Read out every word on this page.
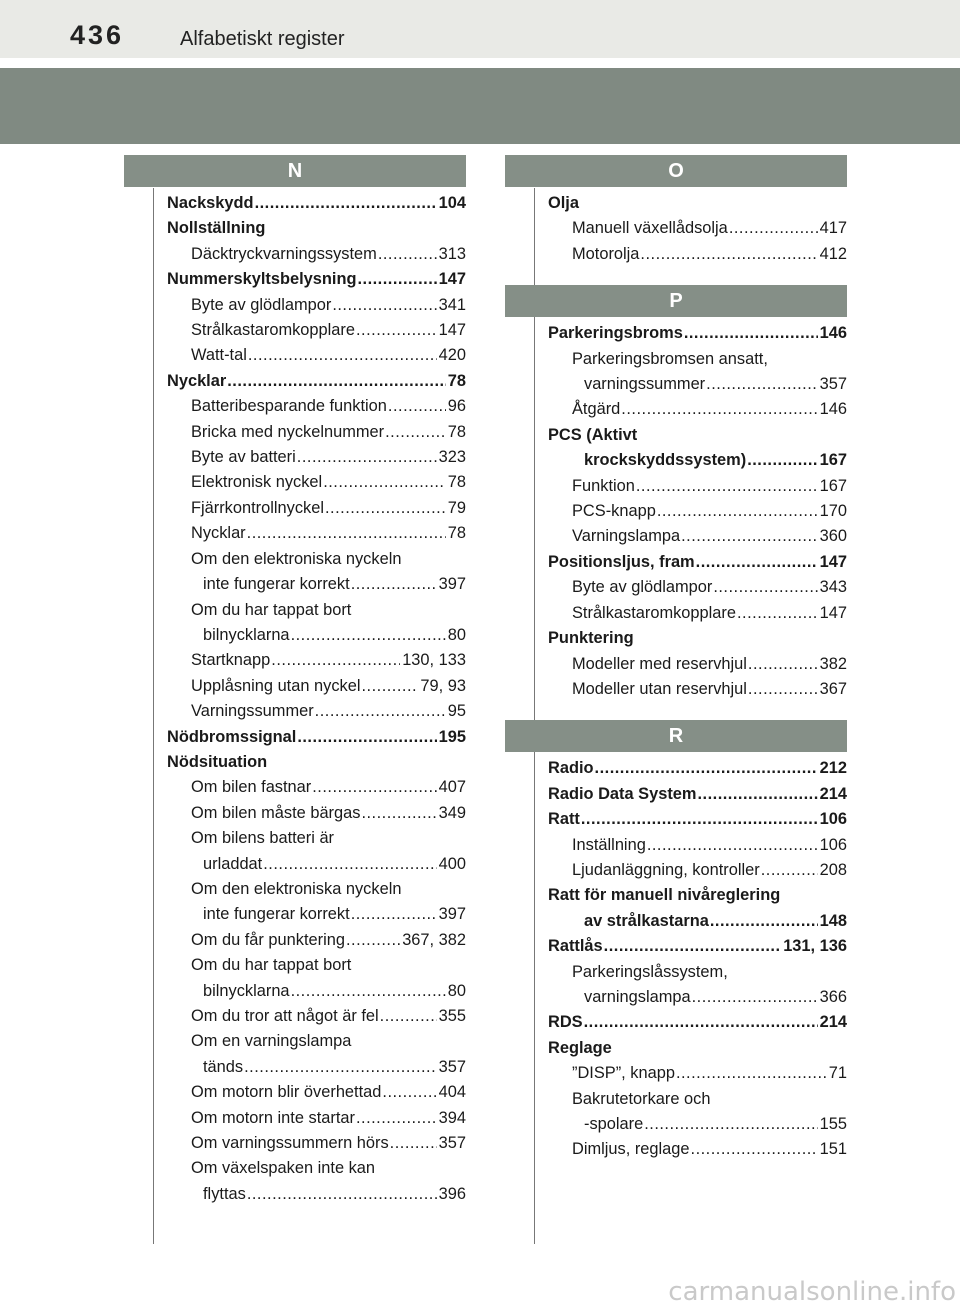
436	Alfabetiskt register
N
Nackskydd .....	104
Nollställning
Däcktryckvarningssystem .....	313
Nummerskyltsbelysning .....	147
Byte av glödlampor .....	341
Strålkastaromkopplare .....	147
Watt-tal .....	420
Nycklar .....	78
Batteribesparande funktion .....	96
Bricka med nyckelnummer .....	78
Byte av batteri .....	323
Elektronisk nyckel .....	78
Fjärrkontrollnyckel .....	79
Nycklar .....	78
Om den elektroniska nyckeln
inte fungerar korrekt .....	397
Om du har tappat bort
bilnycklarna .....	80
Startknapp .....	130, 133
Upplåsning utan nyckel .....	79, 93
Varningssummer .....	95
Nödbromssignal .....	195
Nödsituation
Om bilen fastnar .....	407
Om bilen måste bärgas .....	349
Om bilens batteri är
urladdat .....	400
Om den elektroniska nyckeln
inte fungerar korrekt .....	397
Om du får punktering .....	367, 382
Om du har tappat bort
bilnycklarna .....	80
Om du tror att något är fel .....	355
Om en varningslampa
tänds .....	357
Om motorn blir överhettad .....	404
Om motorn inte startar .....	394
Om varningssummern hörs .....	357
Om växelspaken inte kan
flyttas .....	396
O
Olja
Manuell växellådsolja .....	417
Motorolja .....	412
P
Parkeringsbroms .....	146
Parkeringsbromsen ansatt,
varningssummer .....	357
Åtgärd .....	146
PCS (Aktivt
krockskyddssystem) .....	167
Funktion .....	167
PCS-knapp .....	170
Varningslampa .....	360
Positionsljus, fram .....	147
Byte av glödlampor .....	343
Strålkastaromkopplare .....	147
Punktering
Modeller med reservhjul .....	382
Modeller utan reservhjul .....	367
R
Radio .....	212
Radio Data System .....	214
Ratt .....	106
Inställning .....	106
Ljudanläggning, kontroller .....	208
Ratt för manuell nivåreglering
av strålkastarna .....	148
Rattlås .....	131, 136
Parkeringslåssystem,
varningslampa .....	366
RDS .....	214
Reglage
”DISP”, knapp .....	71
Bakrutetorkare och
-spolare .....	155
Dimljus, reglage .....	151
carmanualsonline.info
